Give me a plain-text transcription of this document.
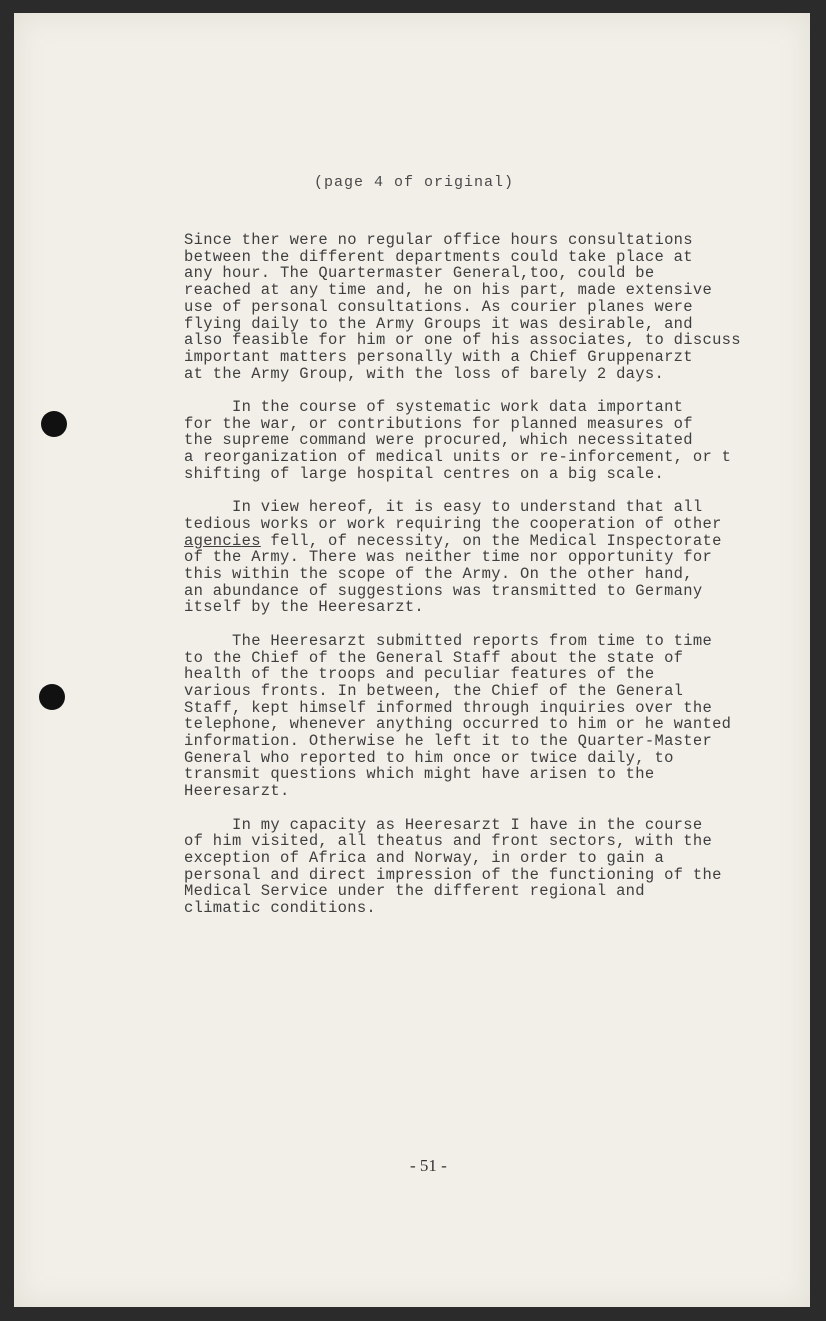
(page 4 of original)

Since ther were no regular office hours consultations
between the different departments could take place at
any hour. The Quartermaster General,too, could be
reached at any time and, he on his part, made extensive
use of personal consultations. As courier planes were
flying daily to the Army Groups it was desirable, and
also feasible for him or one of his associates, to discuss
important matters personally with a Chief Gruppenarzt
at the Army Group, with the loss of barely 2 days.

In the course of systematic work data important
for the war, or contributions for planned measures of
the supreme command were procured, which necessitated
a reorganization of medical units or re-inforcement, or t
shifting of large hospital centres on a big scale.

In view hereof, it is easy to understand that all
tedious works or work requiring the cooperation of other
agencies fell, of necessity, on the Medical Inspectorate
of the Army. There was neither time nor opportunity for
this within the scope of the Army. On the other hand,
an abundance of suggestions was transmitted to Germany
itself by the Heeresarzt.

The Heeresarzt submitted reports from time to time
to the Chief of the General Staff about the state of
health of the troops and peculiar features of the
various fronts. In between, the Chief of the General
Staff, kept himself informed through inquiries over the
telephone, whenever anything occurred to him or he wanted
information. Otherwise he left it to the Quarter-Master
General who reported to him once or twice daily, to
transmit questions which might have arisen to the
Heeresarzt.

In my capacity as Heeresarzt I have in the course
of him visited, all theatus and front sectors, with the
exception of Africa and Norway, in order to gain a
personal and direct impression of the functioning of the
Medical Service under the different regional and
climatic conditions.

- 51 -
